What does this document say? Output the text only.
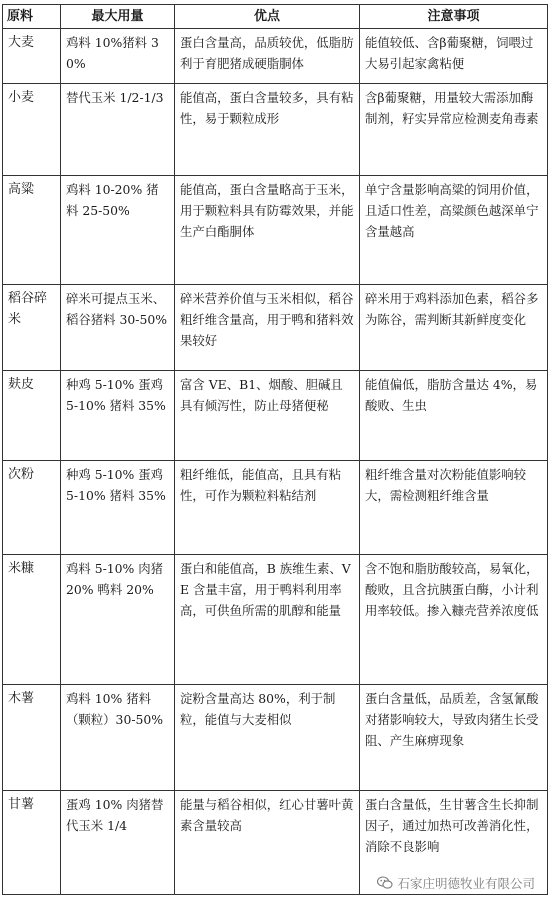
原料	最大用量	优点	注意事项
大麦	鸡料 10%猪料 30%	蛋白含量高，品质较优，低脂肪利于育肥猪成硬脂胴体	能值较低、含β葡聚糖，饲喂过大易引起家禽粘便
小麦	替代玉米 1/2-1/3	能值高，蛋白含量较多，具有粘性，易于颗粒成形	含β葡聚糖，用量较大需添加酶制剂，籽实异常应检测麦角毒素
高粱	鸡料 10-20% 猪料 25-50%	能值高，蛋白含量略高于玉米，用于颗粒料具有防霉效果，并能生产白酯胴体	单宁含量影响高粱的饲用价值，且适口性差，高粱颜色越深单宁含量越高
稻谷碎米	碎米可提点玉米、稻谷猪料 30-50%	碎米营养价值与玉米相似，稻谷粗纤维含量高，用于鸭和猪料效果较好	碎米用于鸡料添加色素，稻谷多为陈谷，需判断其新鲜度变化
麸皮	种鸡 5-10% 蛋鸡 5-10% 猪料 35%	富含 VE、B1、烟酸、胆碱且具有倾泻性，防止母猪便秘	能值偏低，脂肪含量达 4%，易酸败、生虫
次粉	种鸡 5-10% 蛋鸡 5-10% 猪料 35%	粗纤维低，能值高，且具有粘性，可作为颗粒料粘结剂	粗纤维含量对次粉能值影响较大，需检测粗纤维含量
米糠	鸡料 5-10% 肉猪 20% 鸭料 20%	蛋白和能值高，B 族维生素、VE 含量丰富，用于鸭料利用率高，可供鱼所需的肌醇和能量	含不饱和脂肪酸较高，易氧化，酸败，且含抗胰蛋白酶，小计利用率较低。掺入糠壳营养浓度低
木薯	鸡料 10% 猪料（颗粒）30-50%	淀粉含量高达 80%，利于制粒，能值与大麦相似	蛋白含量低，品质差，含氢氰酸对猪影响较大，导致肉猪生长受阻、产生麻痹现象
甘薯	蛋鸡 10% 肉猪替代玉米 1/4	能量与稻谷相似，红心甘薯叶黄素含量较高	蛋白含量低，生甘薯含生长抑制因子，通过加热可改善消化性，消除不良影响
石家庄明德牧业有限公司
